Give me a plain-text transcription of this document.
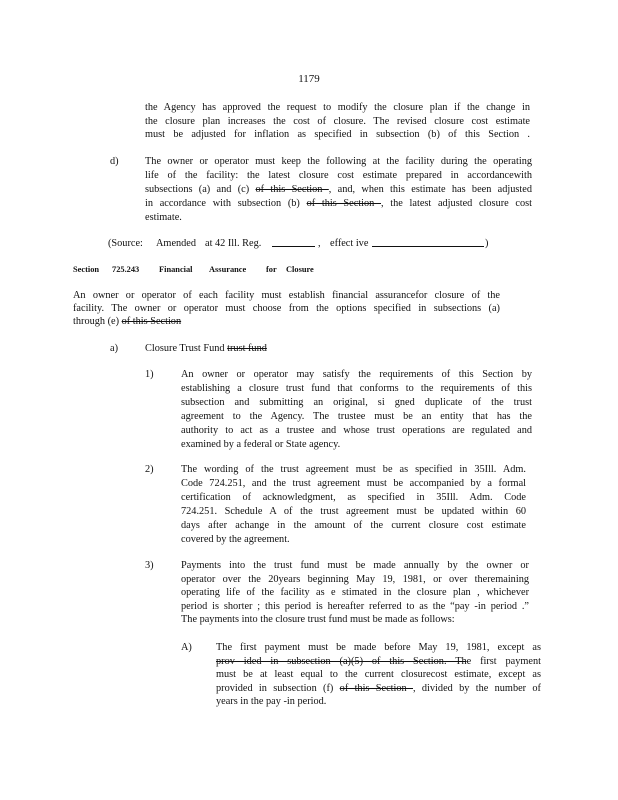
1179
the Agency has approved the request to modify the closure plan if the change in
the closure plan increases the cost of closure. The revised closure cost estimate
must be adjusted for inflation as specified in subsection (b) of this Section .
d)	The owner or operator must keep the following at the facility during the operating
life of the facility: the latest closure cost estimate prepared in accordancewith
subsections (a) and (c) of this Section , and, when this estimate has been adjusted
in accordance with subsection (b) of this Section , the latest adjusted closure cost
estimate.
(Source: Amended at 42 Ill. Reg.	, effect ive	)
Section 725.243 Financial Assurance for Closure
An owner or operator of each facility must establish financial assurancefor closure of the
facility. The owner or operator must choose from the options specified in subsections (a)
through (e) of this Section
a)	Closure Trust Fund trust fund
1)	An owner or operator may satisfy the requirements of this Section by
establishing a closure trust fund that conforms to the requirements of this
subsection and submitting an original, si gned duplicate of the trust
agreement to the Agency. The trustee must be an entity that has the
authority to act as a trustee and whose trust operations are regulated and
examined by a federal or State agency.
2)	The wording of the trust agreement must be as specified in 35Ill. Adm.
Code 724.251, and the trust agreement must be accompanied by a formal
certification of acknowledgment, as specified in 35Ill. Adm. Code
724.251. Schedule A of the trust agreement must be updated within 60
days after achange in the amount of the current closure cost estimate
covered by the agreement.
3)	Payments into the trust fund must be made annually by the owner or
operator over the 20years beginning May 19, 1981, or over theremaining
operating life of the facility as e stimated in the closure plan , whichever
period is shorter ; this period is hereafter referred to as the “pay -in period .”
The payments into the closure trust fund must be made as follows:
A) The first payment must be made before May 19, 1981, except as
prov ided in subsection (a)(5) of this Section. The first payment
must be at least equal to the current closurecost estimate, except as
provided in subsection (f) of this Section , divided by the number of
years in the pay -in period.
